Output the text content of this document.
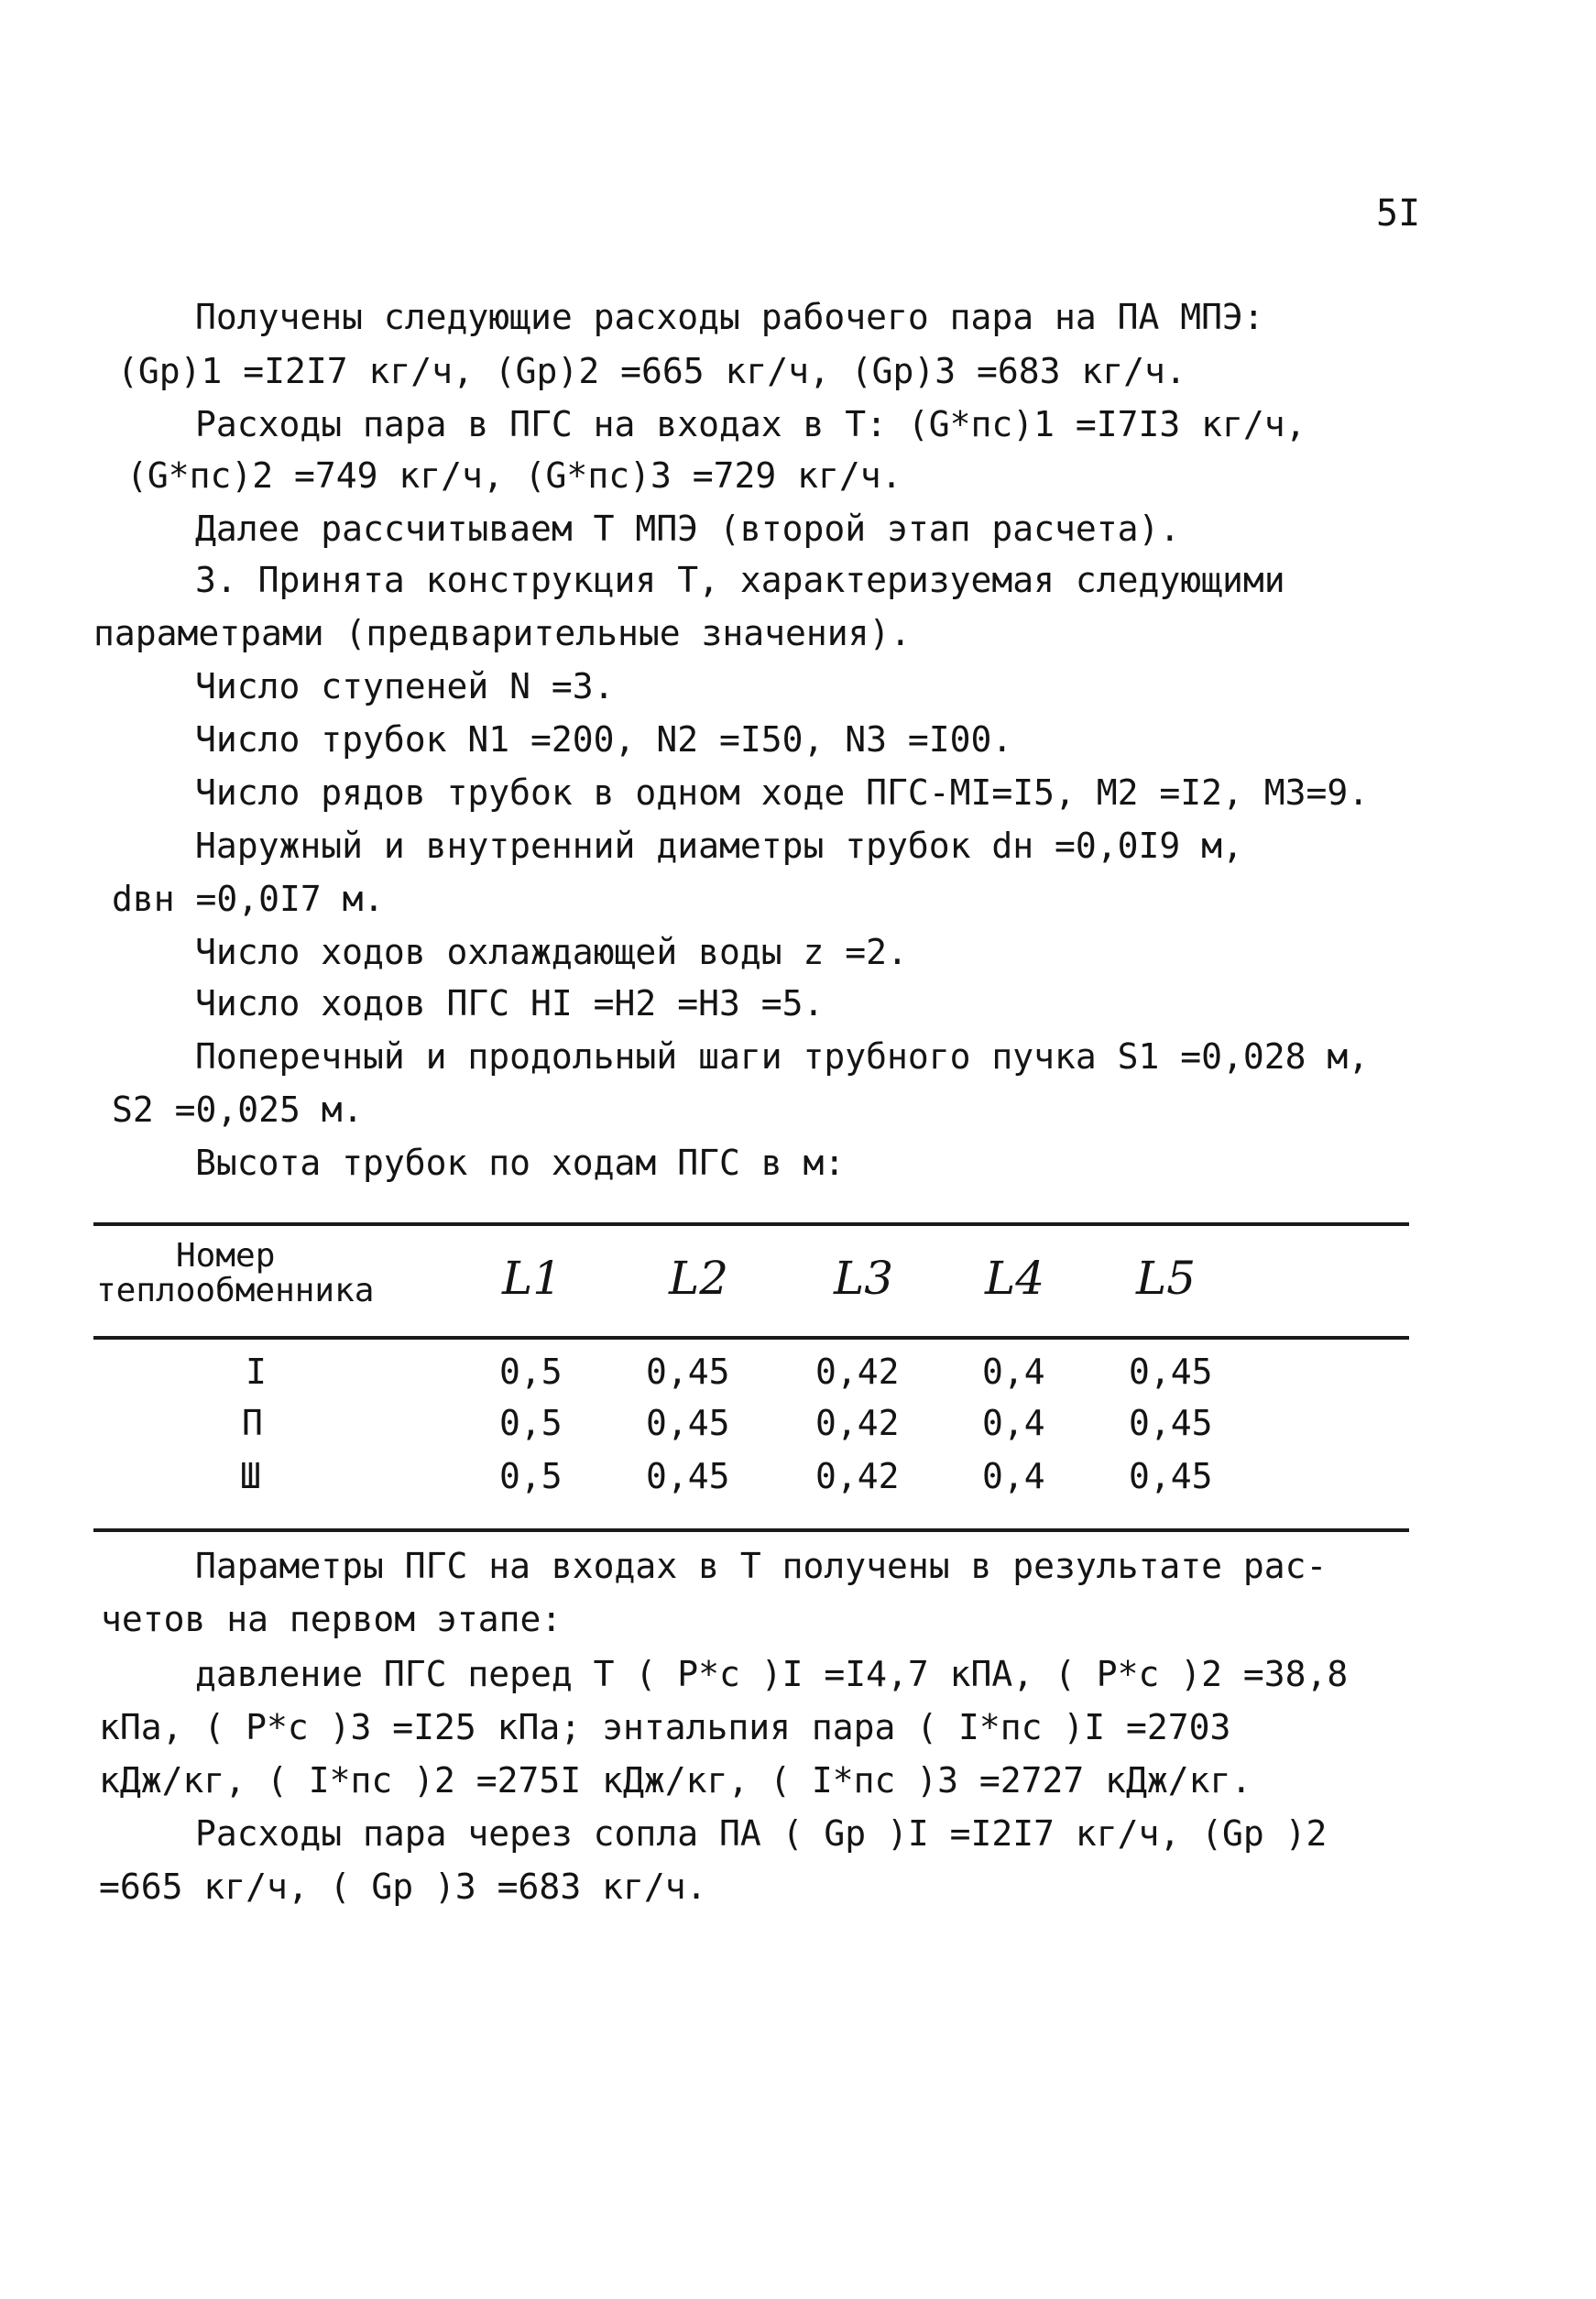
5I
Получены следующие расходы рабочего пара на ПА МПЭ:
(Gp)1 =I2I7 кг/ч, (Gp)2 =665 кг/ч, (Gp)3 =683 кг/ч.
Расходы пара в ПГС на входах в Т: (G*пс)1 =I7I3 кг/ч,
(G*пс)2 =749 кг/ч, (G*пс)3 =729 кг/ч.
Далее рассчитываем Т МПЭ (второй этап расчета).
3. Принята конструкция Т, характеризуемая следующими
параметрами (предварительные значения).
Число ступеней N =3.
Число трубок N1 =200, N2 =I50, N3 =I00.
Число рядов трубок в одном ходе ПГС-МI=I5, M2 =I2, M3=9.
Наружный и внутренний диаметры трубок dн =0,0I9 м,
dвн =0,0I7 м.
Число ходов охлаждающей воды z =2.
Число ходов ПГС HI =H2 =H3 =5.
Поперечный и продольный шаги трубного пучка S1 =0,028 м,
S2 =0,025 м.
Высота трубок по ходам ПГС в м:
Номер
теплообменника	L1 L2 L3 L4 L5
I	0,5 0,45 0,42 0,4 0,45
П	0,5 0,45 0,42 0,4 0,45
Ш	0,5 0,45 0,42 0,4 0,45
Параметры ПГС на входах в Т получены в результате рас-
четов на первом этапе:
давление ПГС перед Т ( P*c )I =I4,7 кПА, ( P*c )2 =38,8
кПа, ( P*c )3 =I25 кПа; энтальпия пара ( I*пс )I =2703
кДж/кг, ( I*пс )2 =275I кДж/кг, ( I*пс )3 =2727 кДж/кг.
Расходы пара через сопла ПА ( Gp )I =I2I7 кг/ч, (Gp )2
=665 кг/ч, ( Gp )3 =683 кг/ч.
